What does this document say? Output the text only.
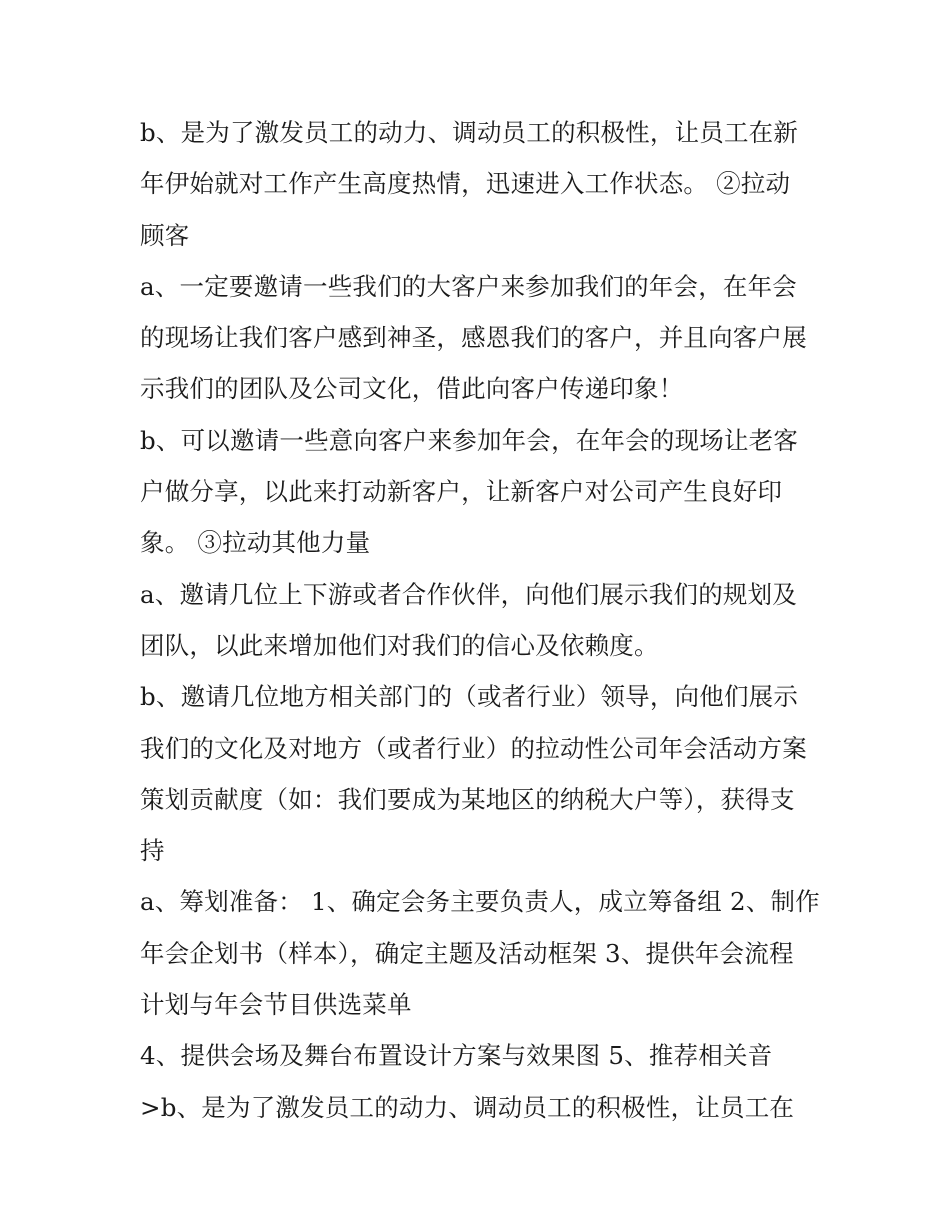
b、是为了激发员工的动力、调动员工的积极性，让员工在新
年伊始就对工作产生高度热情，迅速进入工作状态。 ②拉动
顾客
a、一定要邀请一些我们的大客户来参加我们的年会，在年会
的现场让我们客户感到神圣，感恩我们的客户，并且向客户展
示我们的团队及公司文化，借此向客户传递印象！
b、可以邀请一些意向客户来参加年会，在年会的现场让老客
户做分享，以此来打动新客户，让新客户对公司产生良好印
象。 ③拉动其他力量
a、邀请几位上下游或者合作伙伴，向他们展示我们的规划及
团队，以此来增加他们对我们的信心及依赖度。
b、邀请几位地方相关部门的（或者行业）领导，向他们展示
我们的文化及对地方（或者行业）的拉动性公司年会活动方案
策划贡献度（如：我们要成为某地区的纳税大户等），获得支
持
a、筹划准备： 1、确定会务主要负责人，成立筹备组 2、制作
年会企划书（样本），确定主题及活动框架 3、提供年会流程
计划与年会节目供选菜单
4、提供会场及舞台布置设计方案与效果图 5、推荐相关音
>b、是为了激发员工的动力、调动员工的积极性，让员工在
